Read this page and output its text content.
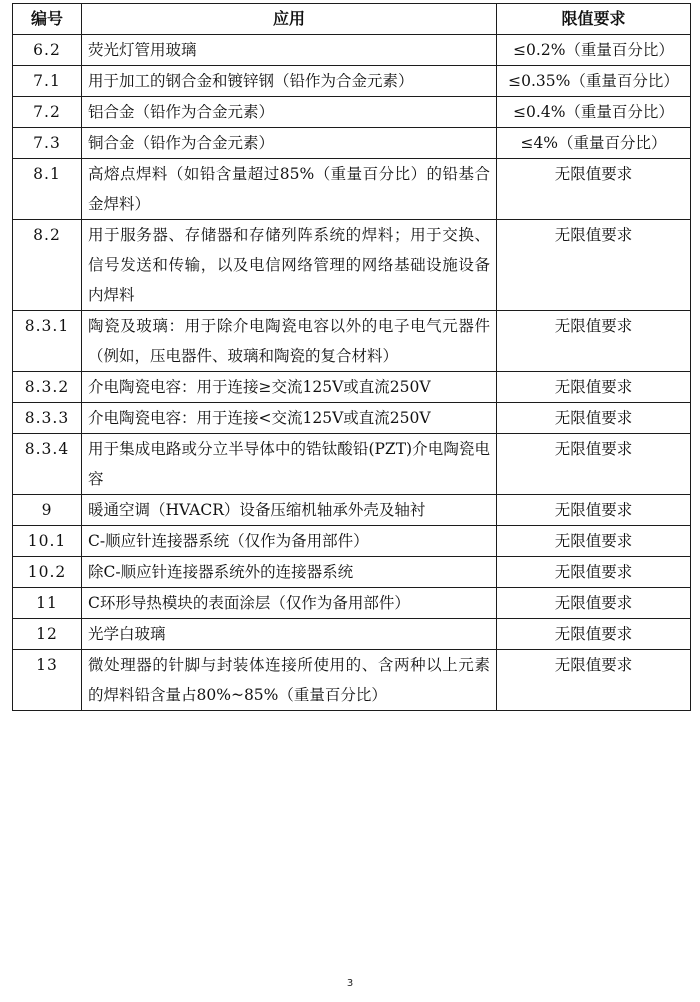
编号	应用	限值要求
6.2	荧光灯管用玻璃	≤0.2%（重量百分比）
7.1	用于加工的钢合金和镀锌钢（铅作为合金元素）	≤0.35%（重量百分比）
7.2	铝合金（铅作为合金元素）	≤0.4%（重量百分比）
7.3	铜合金（铅作为合金元素）	≤4%（重量百分比）
8.1	高熔点焊料（如铅含量超过85%（重量百分比）的铅基合金焊料）	无限值要求
8.2	用于服务器、存储器和存储列阵系统的焊料；用于交换、信号发送和传输，以及电信网络管理的网络基础设施设备内焊料	无限值要求
8.3.1	陶瓷及玻璃：用于除介电陶瓷电容以外的电子电气元器件（例如，压电器件、玻璃和陶瓷的复合材料）	无限值要求
8.3.2	介电陶瓷电容：用于连接≥交流125V或直流250V	无限值要求
8.3.3	介电陶瓷电容：用于连接<交流125V或直流250V	无限值要求
8.3.4	用于集成电路或分立半导体中的锆钛酸铅(PZT)介电陶瓷电容	无限值要求
9	暖通空调（HVACR）设备压缩机轴承外壳及轴衬	无限值要求
10.1	C-顺应针连接器系统（仅作为备用部件）	无限值要求
10.2	除C-顺应针连接器系统外的连接器系统	无限值要求
11	C环形导热模块的表面涂层（仅作为备用部件）	无限值要求
12	光学白玻璃	无限值要求
13	微处理器的针脚与封装体连接所使用的、含两种以上元素的焊料铅含量占80%~85%（重量百分比）	无限值要求
3
